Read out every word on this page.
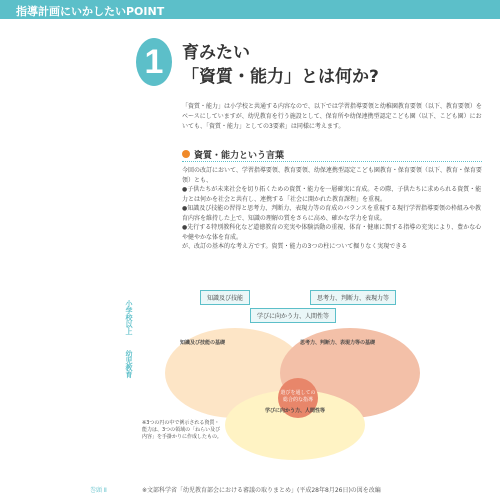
指導計画にいかしたいPOINT
1	育みたい
「資質・能力」とは何か?
「資質・能力」は小学校と共通する内容なので、以下では学習指導要領と幼稚園教育要領（以下、教育要領）をベースにしていますが、幼児教育を行う施設として、保育所や幼保連携型認定こども園（以下、こども園）においても、「資質・能力」としての3要素」は同様に考えます。
資質・能力という言葉

今回の改訂において、学習指導要領、教育要領、幼保連携型認定こども園教育・保育要領（以下、教育・保育要領）とも、

●子供たちが未来社会を切り拓くための資質・能力を一層確実に育成。その際、子供たちに求められる資質・能力とは何かを社会と共有し、連携する「社会に開かれた教育課程」を重視。

●知識及び技能の習得と思考力、判断力、表現力等の育成のバランスを重視する現行学習指導要領の枠組みや教育内容を維持した上で、知識の理解の質をさらに高め、確かな学力を育成。

●先行する特別教科化など道徳教育の充実や体験活動の重視、体育・健康に関する指導の充実により、豊かな心や健やかな体を育成。

が、改訂の基本的な考え方です。資質・能力の3つの柱について掘りなく実現できる

小学校以上
幼児教育
知識及び技能	思考力、判断力、表現力等
学びに向かう力、人間性等
知識及び技能の基礎	思考力、判断力、表現力等の基礎
遊びを通しての総合的な指導
学びに向かう力、人間性等
※3つの円の中で例示される資質・能力は、3つの領域の「ねらい及び内容」を手掛かりに作成したもの。
巻頭 Ⅱ	※文部科学省「幼児教育部会における審議の取りまとめ」(平成28年8月26日)の図を改編
